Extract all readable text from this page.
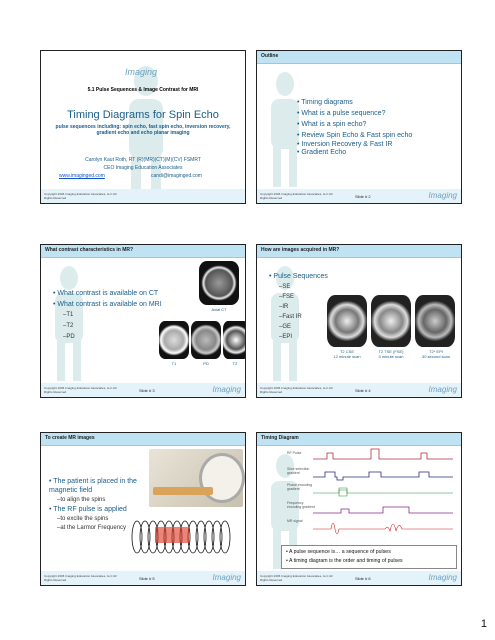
Imaging
5.1 Pulse Sequences & Image Contrast for MRI
Timing Diagrams for Spin Echo
pulse sequences including: spin echo, fast spin echo, inversion recovery, gradient echo and echo planar imaging
Carolyn Kaut Roth, RT (R)(MR)(CT)(M)(CV) FSMRT
CEO Imaging Education Associates
www.imaginged.com	candi@imaginged.com
Copyright 2006 Imaging Education Associates, LLC All Rights Reserved
Outline
• Timing diagrams
• What is a pulse sequence?
• What is a spin echo?
• Review Spin Echo & Fast spin echo
• Inversion Recovery & Fast IR
• Gradient Echo
Copyright 2006 Imaging Education Associates, LLC All Rights Reserved	Slide # 2	Imaging
What contrast characteristics in MR?
• What contrast is available on CT
• What contrast is available on MRI
–T1
–T2
–PD
Axial CT
T1	PD	T2
Copyright 2006 Imaging Education Associates, LLC All Rights Reserved	Slide # 3	Imaging
How are images acquired in MR?
• Pulse Sequences
–SE
–FSE
–IR
–Fast IR
–GE
–EPI
T2 CSE
12 minute scan
T2 TSE (FSE)
3 minute scan
T2* EPI
30 second scan
Copyright 2006 Imaging Education Associates, LLC All Rights Reserved	Slide # 4	Imaging
To create MR images
• The patient is placed in the magnetic field
–to align the spins
• The RF pulse is applied
–to excite the spins
–at the Larmor Frequency
Copyright 2006 Imaging Education Associates, LLC All Rights Reserved	Slide # 5	Imaging
Timing Diagram
RF Pulse
Slice selection gradient
Phase encoding gradient
Frequency encoding gradient
MR signal
• A pulse sequence is… a sequence of pulses
• A timing diagram is the order and timing of pulses
Copyright 2006 Imaging Education Associates, LLC All Rights Reserved	Slide # 6	Imaging
1
